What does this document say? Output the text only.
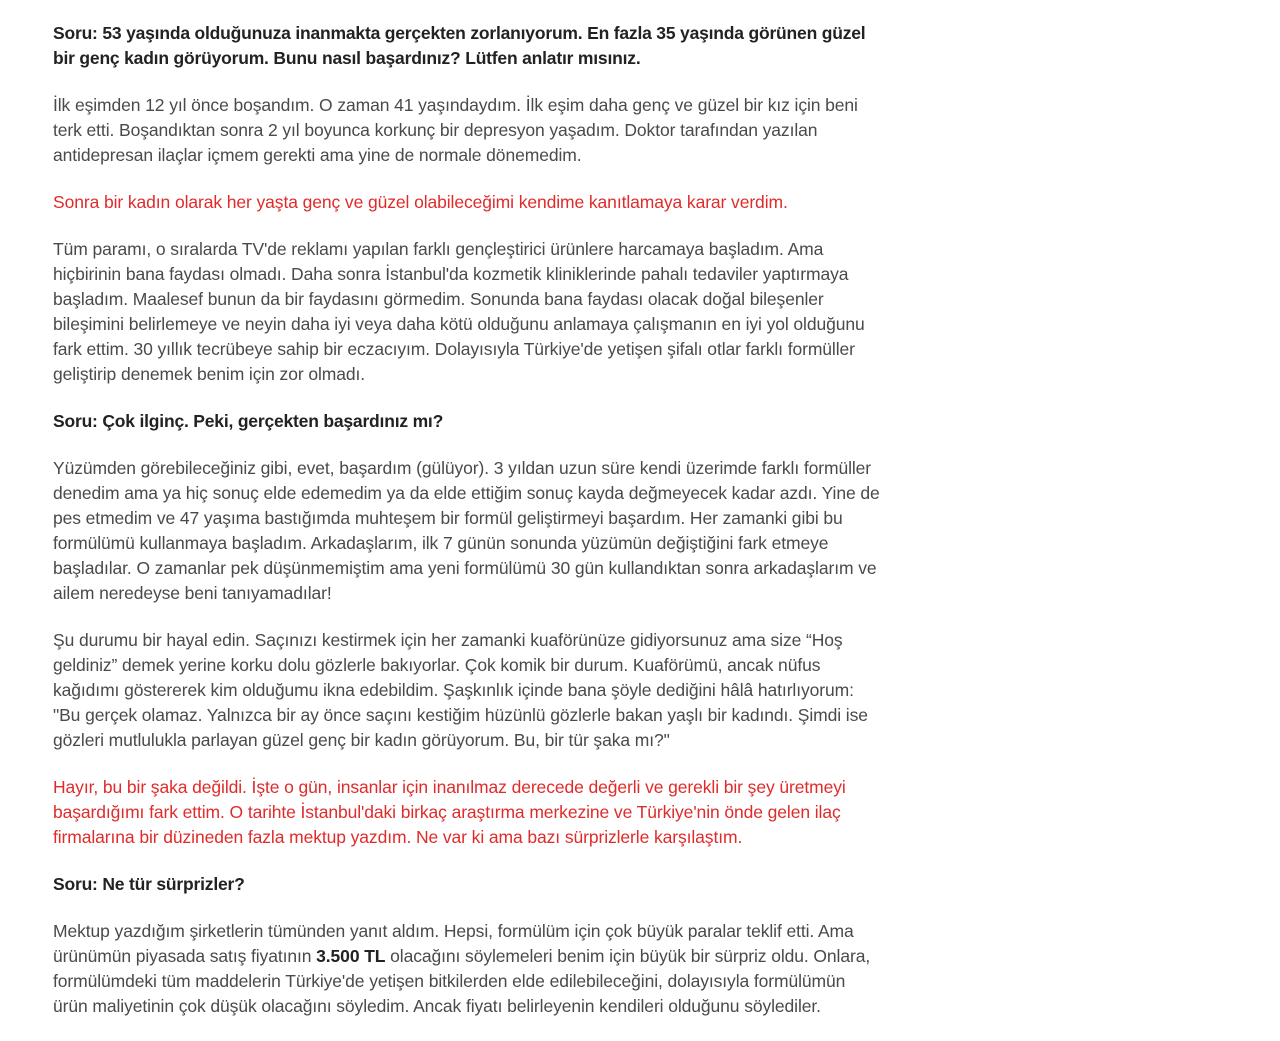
Soru: 53 yaşında olduğunuza inanmakta gerçekten zorlanıyorum. En fazla 35 yaşında görünen güzel bir genç kadın görüyorum. Bunu nasıl başardınız? Lütfen anlatır mısınız.

İlk eşimden 12 yıl önce boşandım. O zaman 41 yaşındaydım. İlk eşim daha genç ve güzel bir kız için beni terk etti. Boşandıktan sonra 2 yıl boyunca korkunç bir depresyon yaşadım. Doktor tarafından yazılan antidepresan ilaçlar içmem gerekti ama yine de normale dönemedim.

Sonra bir kadın olarak her yaşta genç ve güzel olabileceğimi kendime kanıtlamaya karar verdim.

Tüm paramı, o sıralarda TV'de reklamı yapılan farklı gençleştirici ürünlere harcamaya başladım. Ama hiçbirinin bana faydası olmadı. Daha sonra İstanbul'da kozmetik kliniklerinde pahalı tedaviler yaptırmaya başladım. Maalesef bunun da bir faydasını görmedim. Sonunda bana faydası olacak doğal bileşenler bileşimini belirlemeye ve neyin daha iyi veya daha kötü olduğunu anlamaya çalışmanın en iyi yol olduğunu fark ettim. 30 yıllık tecrübeye sahip bir eczacıyım. Dolayısıyla Türkiye'de yetişen şifalı otlar farklı formüller geliştirip denemek benim için zor olmadı.

Soru: Çok ilginç. Peki, gerçekten başardınız mı?

Yüzümden görebileceğiniz gibi, evet, başardım (gülüyor). 3 yıldan uzun süre kendi üzerimde farklı formüller denedim ama ya hiç sonuç elde edemedim ya da elde ettiğim sonuç kayda değmeyecek kadar azdı. Yine de pes etmedim ve 47 yaşıma bastığımda muhteşem bir formül geliştirmeyi başardım. Her zamanki gibi bu formülümü kullanmaya başladım. Arkadaşlarım, ilk 7 günün sonunda yüzümün değiştiğini fark etmeye başladılar. O zamanlar pek düşünmemiştim ama yeni formülümü 30 gün kullandıktan sonra arkadaşlarım ve ailem neredeyse beni tanıyamadılar!

Şu durumu bir hayal edin. Saçınızı kestirmek için her zamanki kuaförünüze gidiyorsunuz ama size “Hoş geldiniz” demek yerine korku dolu gözlerle bakıyorlar. Çok komik bir durum. Kuaförümü, ancak nüfus kağıdımı göstererek kim olduğumu ikna edebildim. Şaşkınlık içinde bana şöyle dediğini hâlâ hatırlıyorum: "Bu gerçek olamaz. Yalnızca bir ay önce saçını kestiğim hüzünlü gözlerle bakan yaşlı bir kadındı. Şimdi ise gözleri mutlulukla parlayan güzel genç bir kadın görüyorum. Bu, bir tür şaka mı?"

Hayır, bu bir şaka değildi. İşte o gün, insanlar için inanılmaz derecede değerli ve gerekli bir şey üretmeyi başardığımı fark ettim. O tarihte İstanbul'daki birkaç araştırma merkezine ve Türkiye'nin önde gelen ilaç firmalarına bir düzineden fazla mektup yazdım. Ne var ki ama bazı sürprizlerle karşılaştım.

Soru: Ne tür sürprizler?

Mektup yazdığım şirketlerin tümünden yanıt aldım. Hepsi, formülüm için çok büyük paralar teklif etti. Ama ürünümün piyasada satış fiyatının 3.500 TL olacağını söylemeleri benim için büyük bir sürpriz oldu. Onlara, formülümdeki tüm maddelerin Türkiye'de yetişen bitkilerden elde edilebileceğini, dolayısıyla formülümün ürün maliyetinin çok düşük olacağını söyledim. Ancak fiyatı belirleyenin kendileri olduğunu söylediler.
